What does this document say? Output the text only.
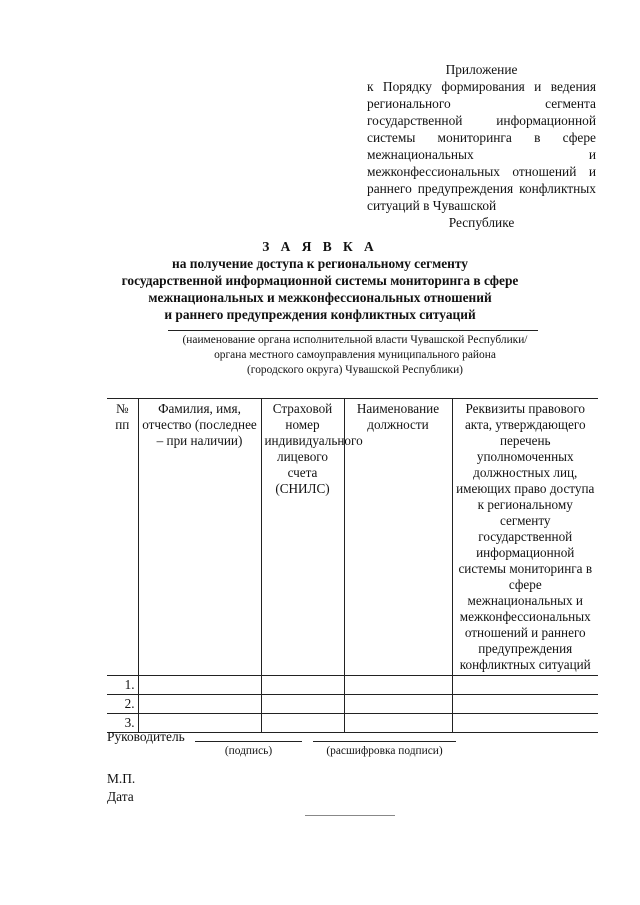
Приложение
к Порядку формирования и ведения регионального сегмента государственной информационной системы мониторинга в сфере межнациональных и межконфессиональных отношений и раннего предупреждения конфликтных ситуаций в Чувашской
Республике
З А Я В К А
на получение доступа к региональному сегменту
государственной информационной системы мониторинга в сфере
межнациональных и межконфессиональных отношений
и раннего предупреждения конфликтных ситуаций
(наименование органа исполнительной власти Чувашской Республики/
органа местного самоуправления муниципального района
(городского округа) Чувашской Республики)
№ пп	Фамилия, имя, отчество (последнее – при наличии)	Страховой номер индивидуального лицевого счета (СНИЛС)	Наименование должности	Реквизиты правового акта, утверждающего перечень уполномоченных должностных лиц, имеющих право доступа к региональному сегменту государственной информационной системы мониторинга в сфере межнациональных и межконфессиональных отношений и раннего предупреждения конфликтных ситуаций
1.				
2.				
3.				
Руководитель
(подпись)	(расшифровка подписи)
М.П.
Дата
